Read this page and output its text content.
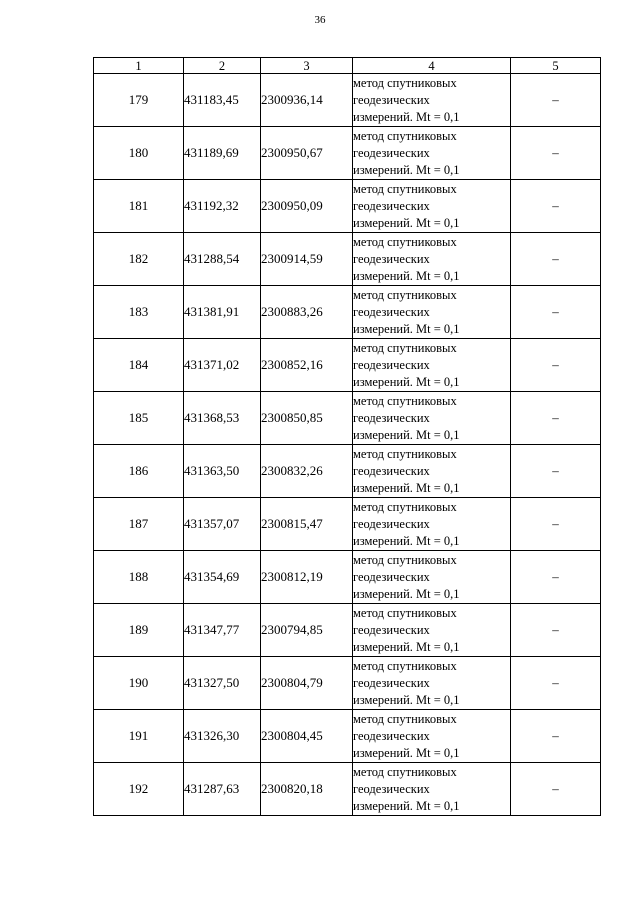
36
1	2	3	4	5
179	431183,45	2300936,14	метод спутниковых
геодезических
измерений. Mt = 0,1	–
180	431189,69	2300950,67	метод спутниковых
геодезических
измерений. Mt = 0,1	–
181	431192,32	2300950,09	метод спутниковых
геодезических
измерений. Mt = 0,1	–
182	431288,54	2300914,59	метод спутниковых
геодезических
измерений. Mt = 0,1	–
183	431381,91	2300883,26	метод спутниковых
геодезических
измерений. Mt = 0,1	–
184	431371,02	2300852,16	метод спутниковых
геодезических
измерений. Mt = 0,1	–
185	431368,53	2300850,85	метод спутниковых
геодезических
измерений. Mt = 0,1	–
186	431363,50	2300832,26	метод спутниковых
геодезических
измерений. Mt = 0,1	–
187	431357,07	2300815,47	метод спутниковых
геодезических
измерений. Mt = 0,1	–
188	431354,69	2300812,19	метод спутниковых
геодезических
измерений. Mt = 0,1	–
189	431347,77	2300794,85	метод спутниковых
геодезических
измерений. Mt = 0,1	–
190	431327,50	2300804,79	метод спутниковых
геодезических
измерений. Mt = 0,1	–
191	431326,30	2300804,45	метод спутниковых
геодезических
измерений. Mt = 0,1	–
192	431287,63	2300820,18	метод спутниковых
геодезических
измерений. Mt = 0,1	–
